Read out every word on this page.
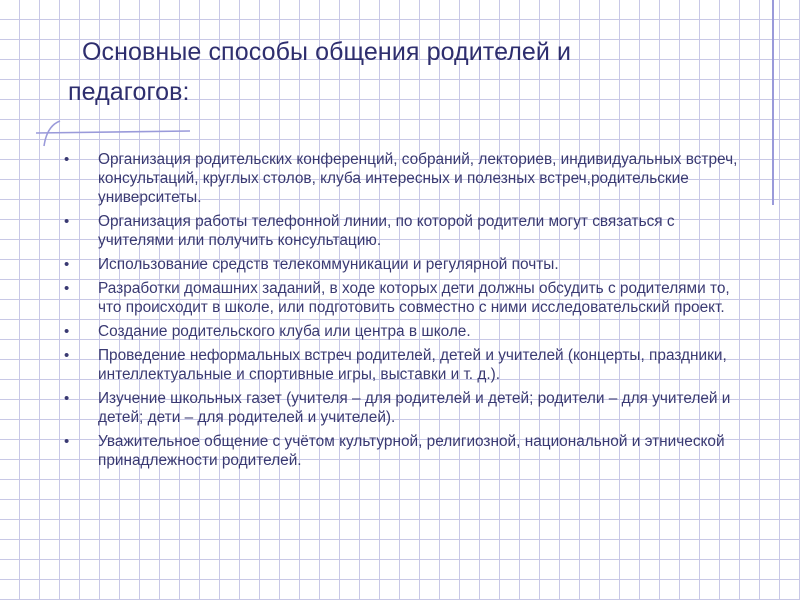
Основные способы общения родителей и
педагогов:
• Организация родительских конференций, собраний, лекториев, индивидуальных встреч, консультаций, круглых столов, клуба интересных и полезных встреч,родительские университеты.
• Организация работы телефонной линии, по которой родители могут связаться с учителями или получить консультацию.
• Использование средств телекоммуникации и регулярной почты.
• Разработки домашних заданий, в ходе которых дети должны обсудить с родителями то, что происходит в школе, или подготовить совместно с ними исследовательский проект.
• Создание родительского клуба или центра в школе.
• Проведение неформальных встреч родителей, детей и учителей (концерты, праздники, интеллектуальные и спортивные игры, выставки и т. д.).
• Изучение школьных газет (учителя – для родителей и детей; родители – для учителей и детей; дети – для родителей и учителей).
• Уважительное общение с учётом культурной, религиозной, национальной и этнической принадлежности родителей.
